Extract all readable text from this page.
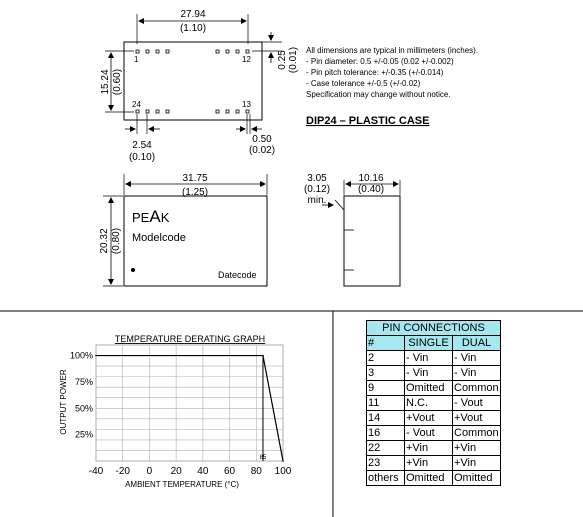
1	12
24	13
27.94
(1.10)
15.24 (0.60)
2.54
(0.10)
0.50
(0.02)
0.25 (0.01) All dimensions are typical in millimeters (inches).
- Pin diameter: 0.5 +/-0.05 (0.02 +/-0.002)
- Pin pitch tolerance: +/-0.35 (+/-0.014)
- Case tolerance +/-0.5 (+/-0.02)
Specification may change without notice.
DIP24 – PLASTIC CASE
31.75
(1.25)
20.32 (0.80)
PEAK
Modelcode
Datecode
10.16
(0.40)
3.05
(0.12)
min.
TEMPERATURE DERATING GRAPH
AMBIENT TEMPERATURE (°C)
OUTPUT POWER
-40 -20 0 20 40 60 80 100
25%
50%
75%
100%
85
PIN CONNECTIONS		
#	SINGLE	DUAL
2	- Vin	- Vin
3	- Vin	- Vin
9	Omitted	Common
11	N.C.	- Vout
14	+Vout	+Vout
16	- Vout	Common
22	+Vin	+Vin
23	+Vin	+Vin
others	Omitted	Omitted
